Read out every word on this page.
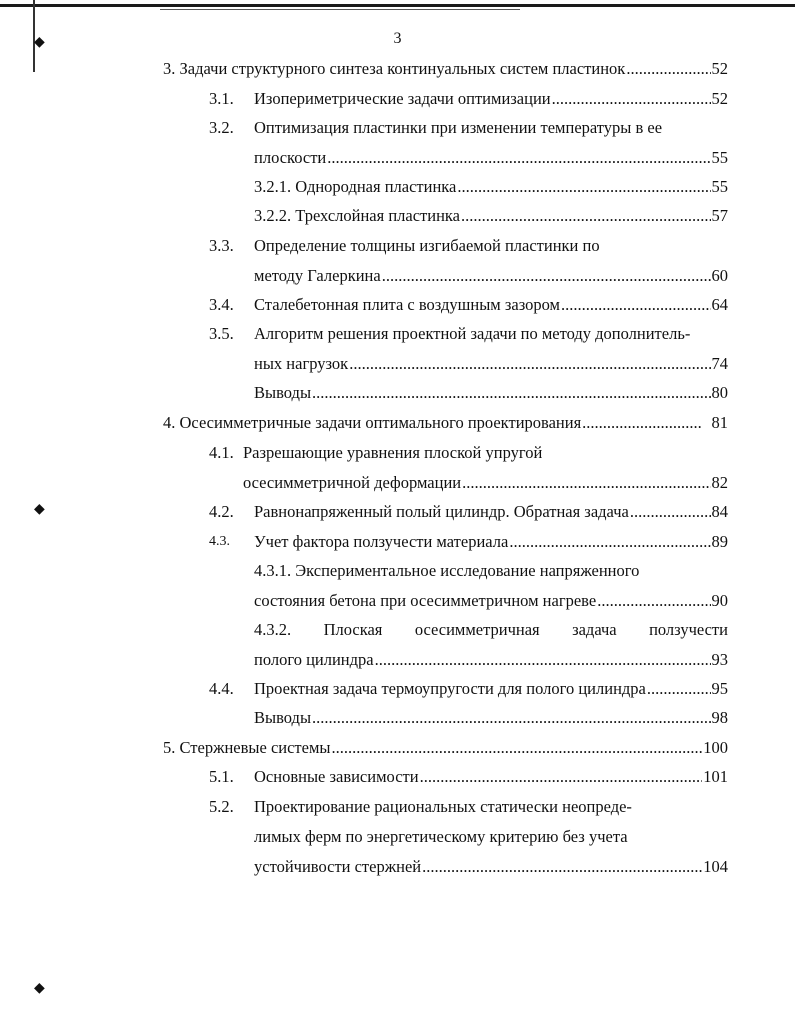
◆
◆
◆
3
3. Задачи структурного синтеза континуальных систем пластинок .....	52
3.1. Изопериметрические задачи оптимизации .....	52
3.2. Оптимизация пластинки при изменении температуры в ее
плоскости .....	55
3.2.1. Однородная пластинка .....	55
3.2.2. Трехслойная пластинка .....	57
3.3. Определение толщины изгибаемой пластинки по
методу Галеркина .....	60
3.4. Сталебетонная плита с воздушным зазором .....	64
3.5. Алгоритм решения проектной задачи по методу дополнитель-
ных нагрузок .....	74
Выводы .....	80
4. Осесимметричные задачи оптимального проектирования .....	81
4.1. Разрешающие уравнения плоской упругой
осесимметричной деформации .....	82
4.2. Равнонапряженный полый цилиндр. Обратная задача .....	84
4.3. Учет фактора ползучести материала .....	89
4.3.1. Экспериментальное исследование напряженного
состояния бетона при осесимметричном нагреве .....	90
4.3.2. Плоская осесимметричная задача ползучести
полого цилиндра .....	93
4.4. Проектная задача термоупругости для полого цилиндра .....	95
Выводы .....	98
5. Стержневые системы .....	100
5.1. Основные зависимости .....	101
5.2. Проектирование рациональных статически неопреде-
лимых ферм по энергетическому критерию без учета
устойчивости стержней .....	104
